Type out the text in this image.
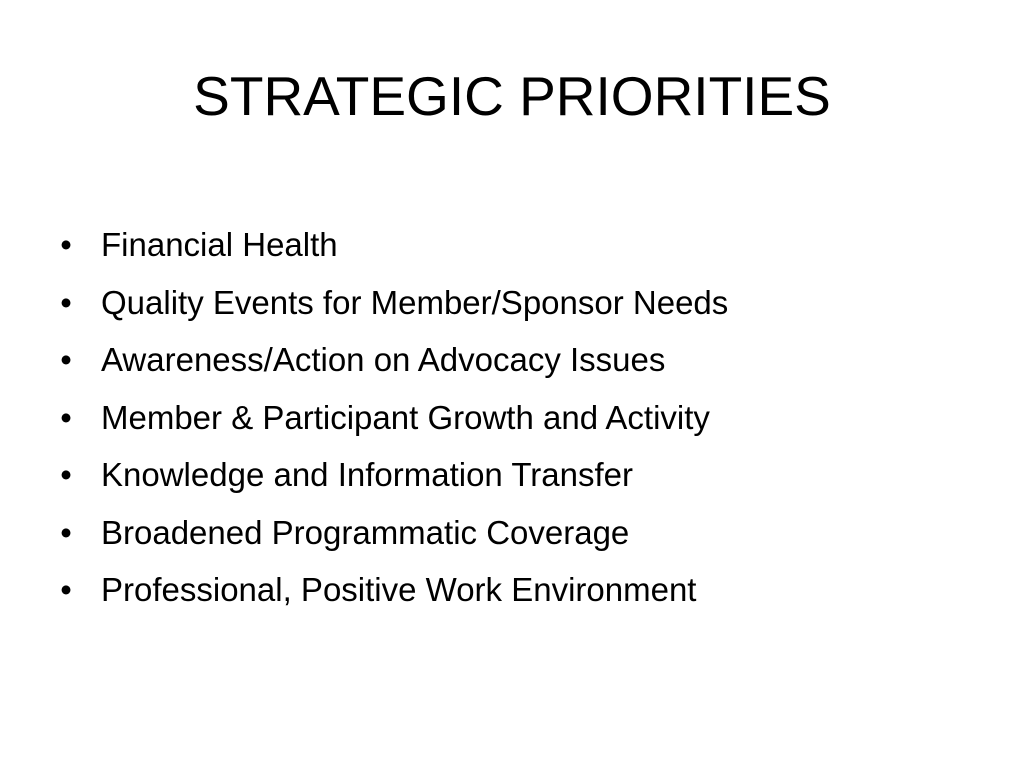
STRATEGIC PRIORITIES
• Financial Health
• Quality Events for Member/Sponsor Needs
• Awareness/Action on Advocacy Issues
• Member & Participant Growth and Activity
• Knowledge and Information Transfer
• Broadened Programmatic Coverage
• Professional, Positive Work Environment
